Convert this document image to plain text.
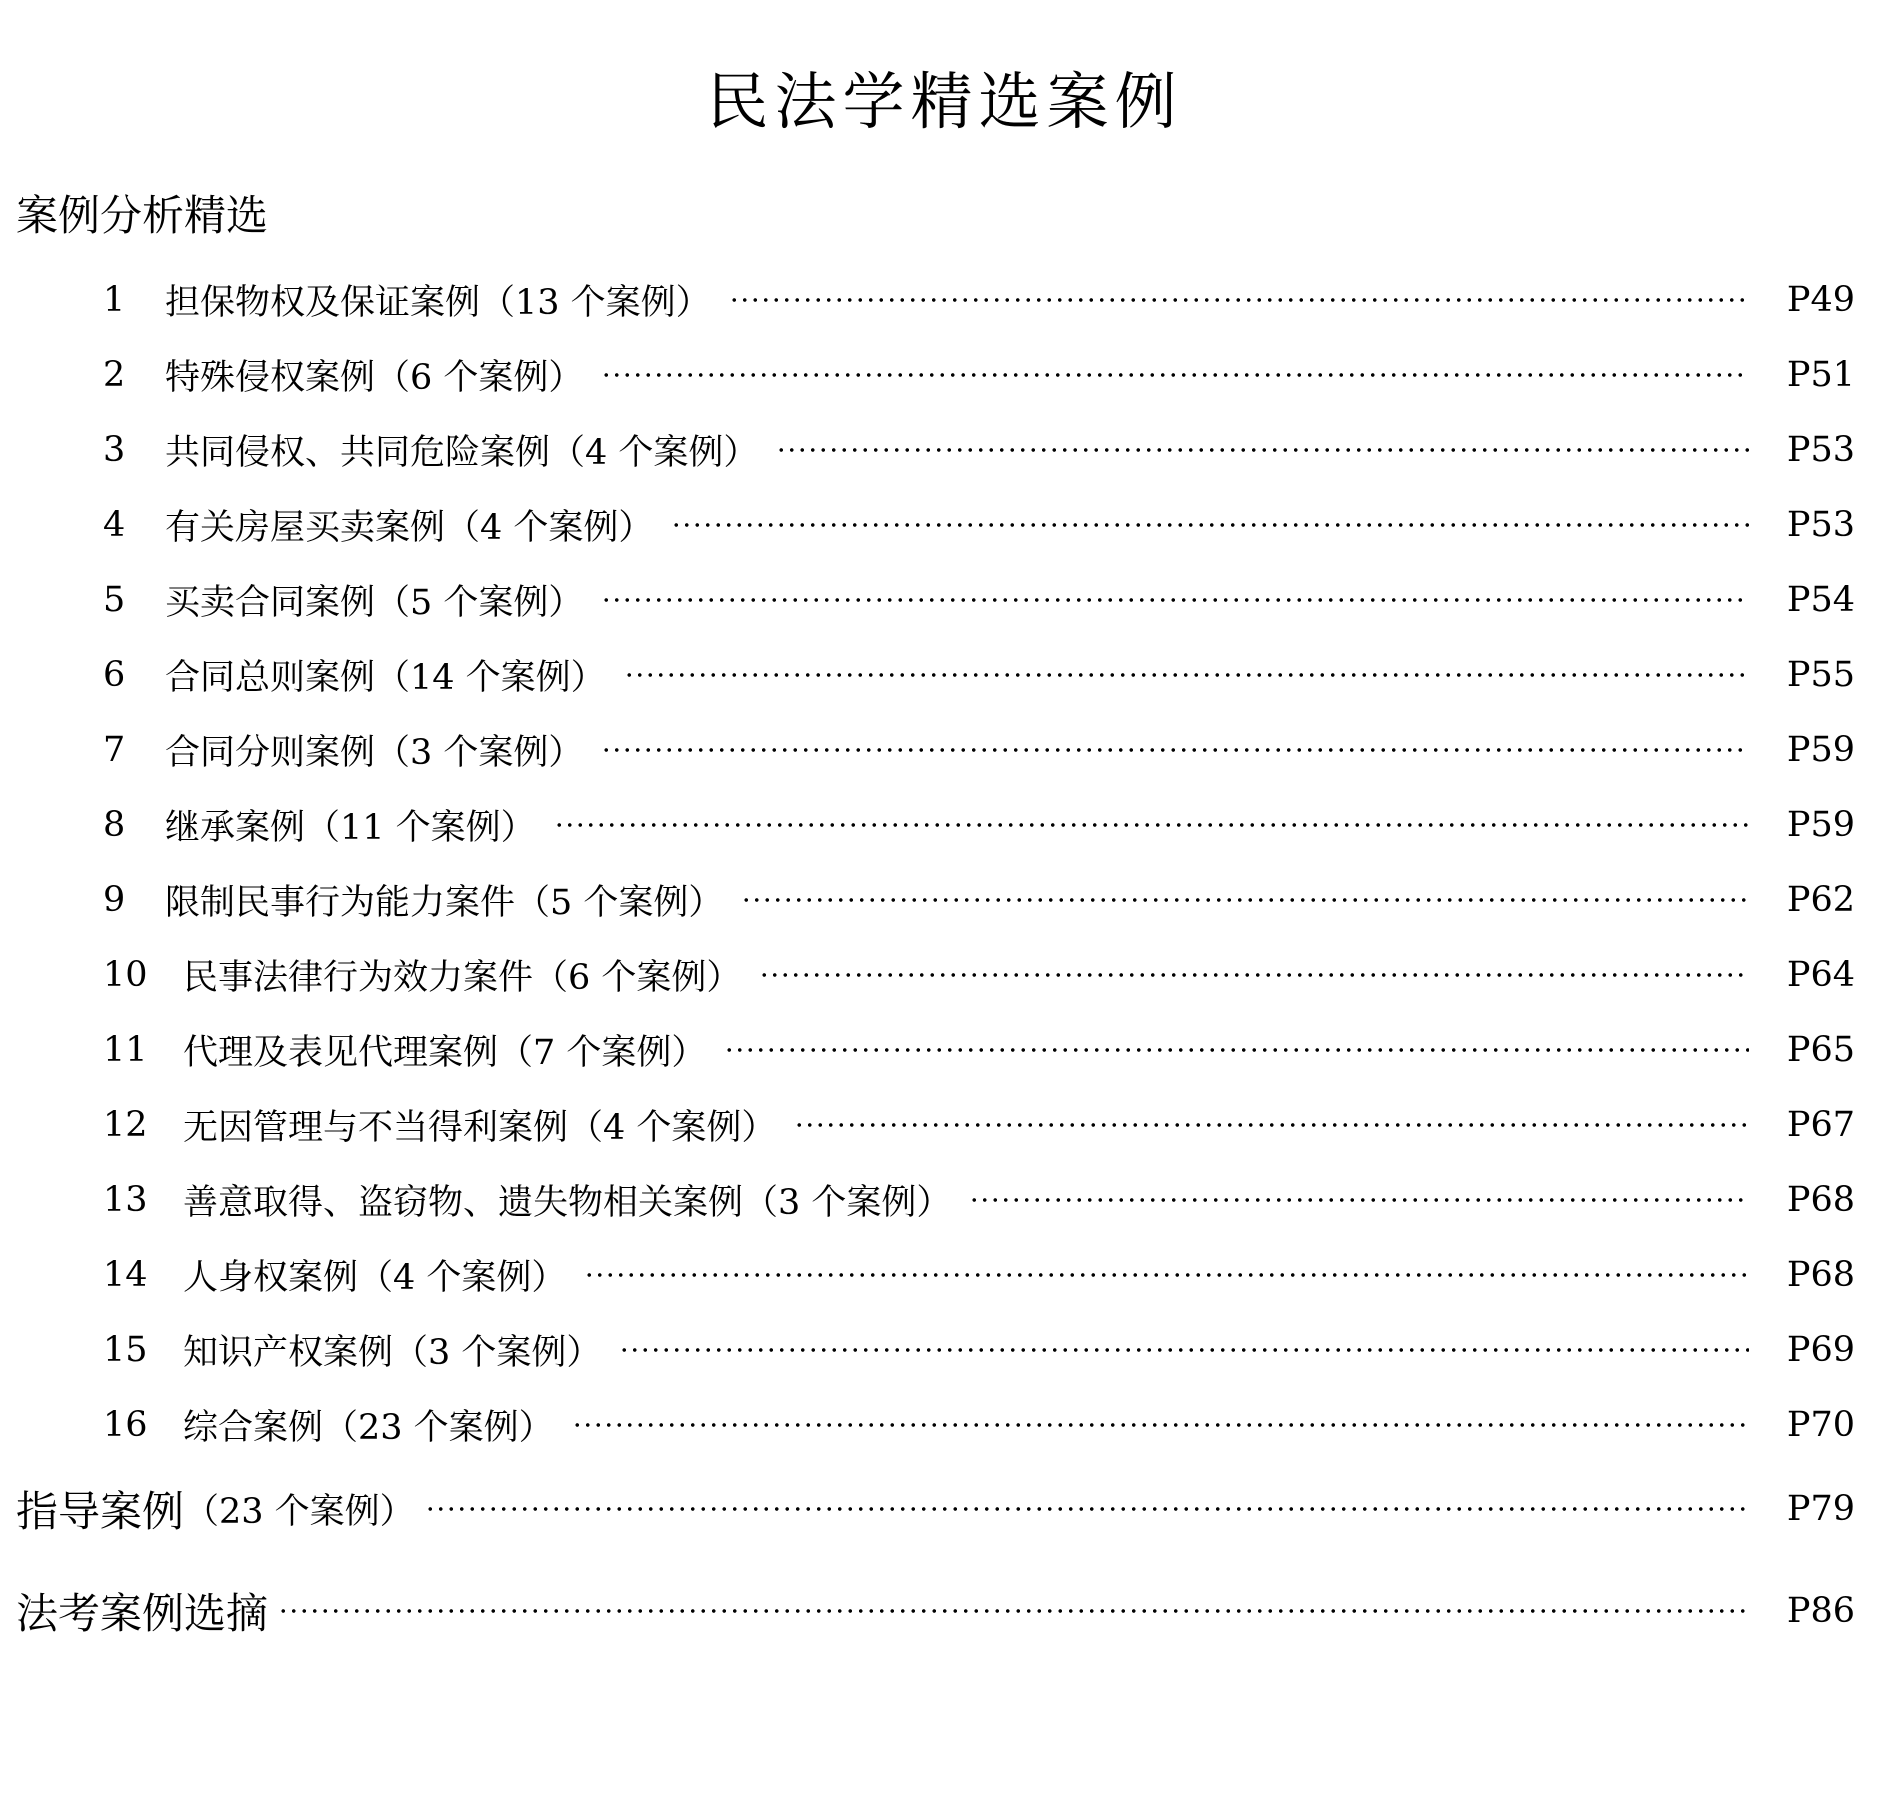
民法学精选案例
案例分析精选
1	担保物权及保证案例（13 个案例）	P49
2	特殊侵权案例（6 个案例）	P51
3	共同侵权、共同危险案例（4 个案例）	P53
4	有关房屋买卖案例（4 个案例）	P53
5	买卖合同案例（5 个案例）	P54
6	合同总则案例（14 个案例）	P55
7	合同分则案例（3 个案例）	P59
8	继承案例（11 个案例）	P59
9	限制民事行为能力案件（5 个案例）	P62
10	民事法律行为效力案件（6 个案例）	P64
11	代理及表见代理案例（7 个案例）	P65
12	无因管理与不当得利案例（4 个案例）	P67
13	善意取得、盗窃物、遗失物相关案例（3 个案例）	P68
14	人身权案例（4 个案例）	P68
15	知识产权案例（3 个案例）	P69
16	综合案例（23 个案例）	P70
指导案例 （23 个案例）	P79
法考案例选摘	P86
